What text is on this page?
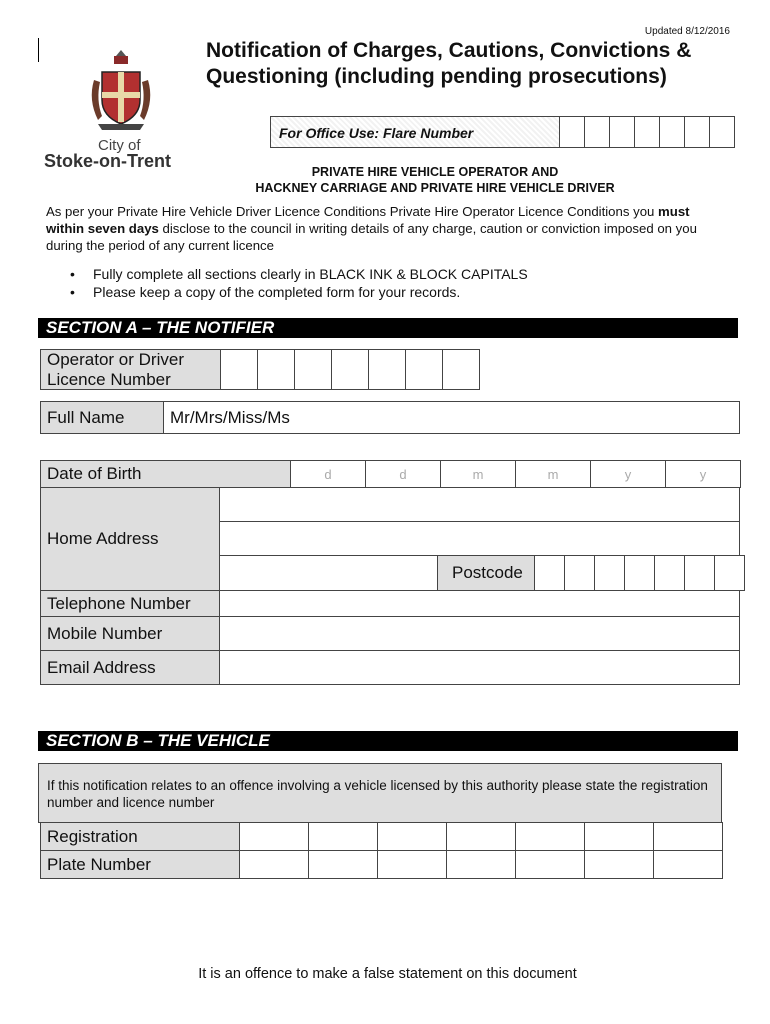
Updated 8/12/2016
City of
Stoke-on-Trent
Notification of Charges, Cautions, Convictions & Questioning (including pending prosecutions)
For Office Use: Flare Number
PRIVATE HIRE VEHICLE OPERATOR AND
HACKNEY CARRIAGE AND PRIVATE HIRE VEHICLE DRIVER
As per your Private Hire Vehicle Driver Licence Conditions Private Hire Operator Licence Conditions you must within seven days disclose to the council in writing details of any charge, caution or conviction imposed on you during the period of any current licence
• Fully complete all sections clearly in BLACK INK & BLOCK CAPITALS
• Please keep a copy of the completed form for your records.
SECTION A – THE NOTIFIER
Operator or Driver Licence Number
Full Name	Mr/Mrs/Miss/Ms
Date of Birth	d	d	m	m	y	y
Home Address
Postcode
Telephone Number
Mobile Number
Email Address
SECTION B – THE VEHICLE
If this notification relates to an offence involving a vehicle licensed by this authority please state the registration number and licence number
Registration
Plate Number
It is an offence to make a false statement on this document
